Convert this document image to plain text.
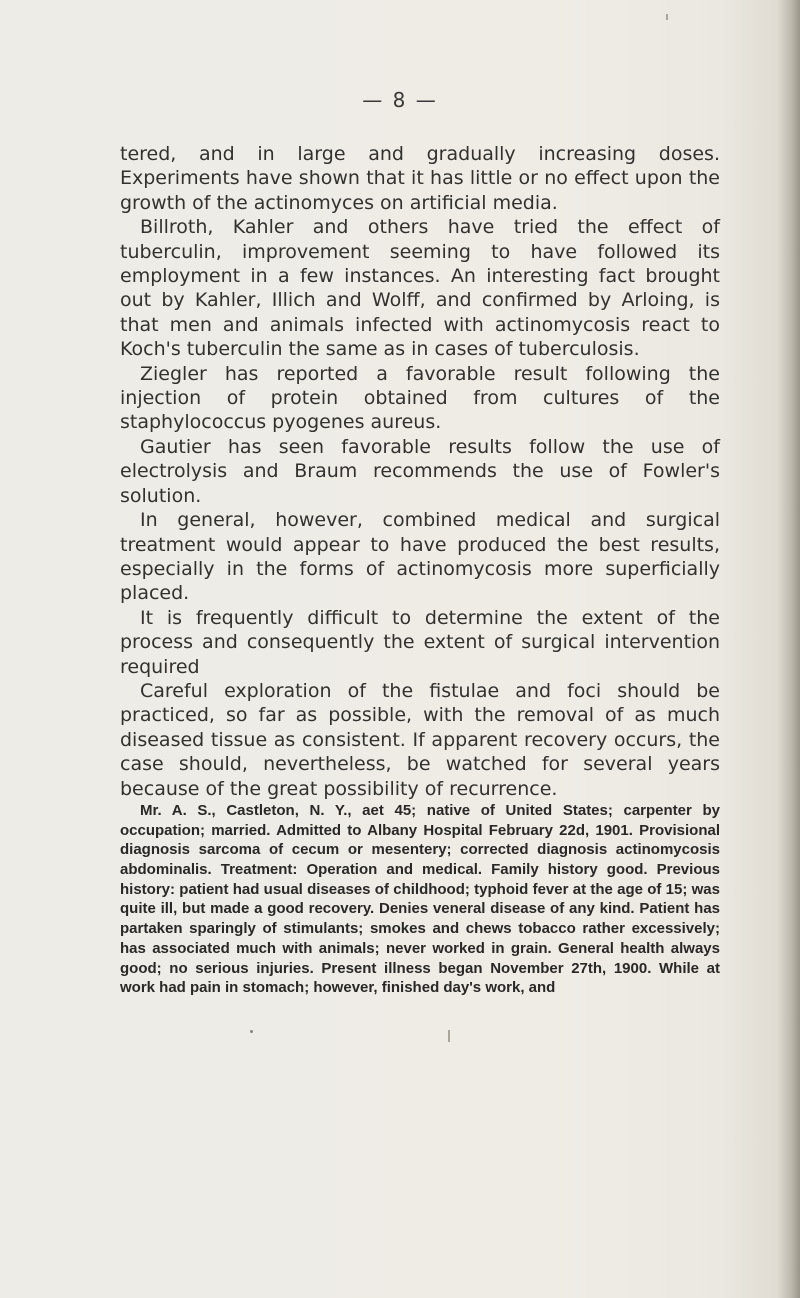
— 8 —

tered, and in large and gradually increasing doses. Experiments have shown that it has little or no effect upon the growth of the actinomyces on artificial media.

Billroth, Kahler and others have tried the effect of tuberculin, improvement seeming to have followed its employment in a few instances. An interesting fact brought out by Kahler, Illich and Wolff, and confirmed by Arloing, is that men and animals infected with actinomycosis react to Koch's tuberculin the same as in cases of tuberculosis.

Ziegler has reported a favorable result following the injection of protein obtained from cultures of the staphylococcus pyogenes aureus.

Gautier has seen favorable results follow the use of electrolysis and Braum recommends the use of Fowler's solution.

In general, however, combined medical and surgical treatment would appear to have produced the best results, especially in the forms of actinomycosis more superficially placed.

It is frequently difficult to determine the extent of the process and consequently the extent of surgical intervention required

Careful exploration of the fistulae and foci should be practiced, so far as possible, with the removal of as much diseased tissue as consistent. If apparent recovery occurs, the case should, nevertheless, be watched for several years because of the great possibility of recurrence.

Mr. A. S., Castleton, N. Y., aet 45; native of United States; carpenter by occupation; married. Admitted to Albany Hospital February 22d, 1901. Provisional diagnosis sarcoma of cecum or mesentery; corrected diagnosis actinomycosis abdominalis. Treatment: Operation and medical. Family history good. Previous history: patient had usual diseases of childhood; typhoid fever at the age of 15; was quite ill, but made a good recovery. Denies veneral disease of any kind. Patient has partaken sparingly of stimulants; smokes and chews tobacco rather excessively; has associated much with animals; never worked in grain. General health always good; no serious injuries. Present illness began November 27th, 1900. While at work had pain in stomach; however, finished day's work, and
